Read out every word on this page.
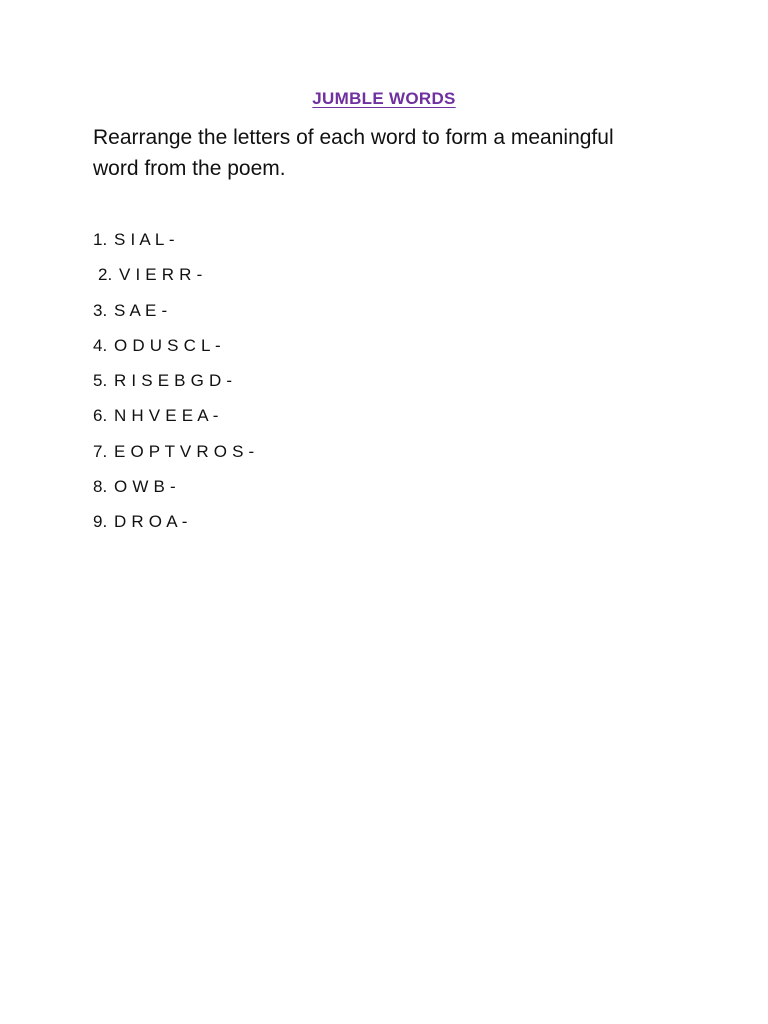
JUMBLE WORDS
Rearrange the letters of each word to form a meaningful word from the poem.
1. S I A L -
2. V I E R R -
3. S A E -
4. O D U S C L -
5. R I S E B G D -
6. N H V E E A -
7. E O P T V R O S -
8. O W B -
9. D R O A -
